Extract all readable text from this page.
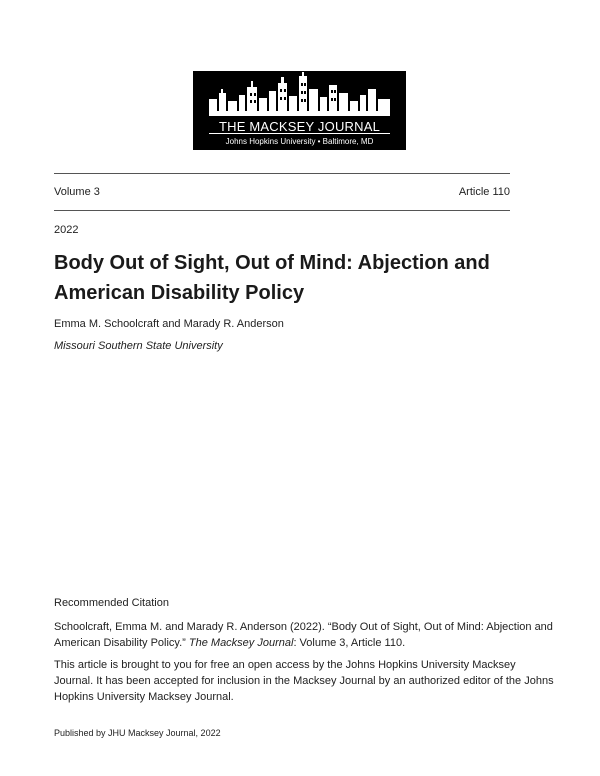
THE MACKSEY JOURNAL
Johns Hopkins University • Baltimore, MD
Volume 3	Article 110
2022
Body Out of Sight, Out of Mind: Abjection and American Disability Policy
Emma M. Schoolcraft and Marady R. Anderson
Missouri Southern State University
Recommended Citation
Schoolcraft, Emma M. and Marady R. Anderson (2022). “Body Out of Sight, Out of Mind: Abjection and American Disability Policy.” The Macksey Journal: Volume 3, Article 110.
This article is brought to you for free an open access by the Johns Hopkins University Macksey Journal. It has been accepted for inclusion in the Macksey Journal by an authorized editor of the Johns Hopkins University Macksey Journal.
Published by JHU Macksey Journal, 2022
